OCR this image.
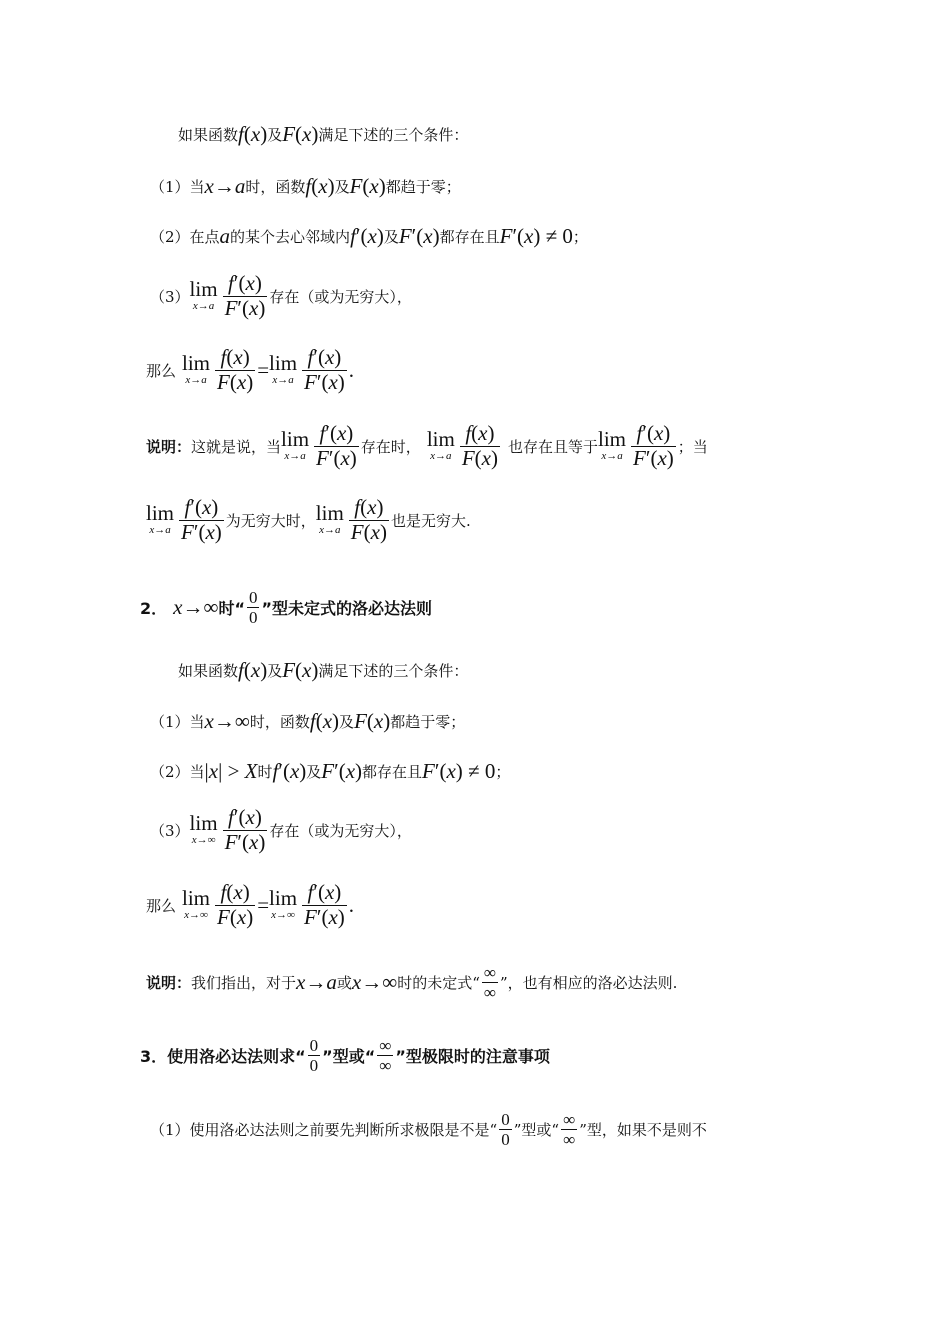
如果函数 f(x) 及 F(x) 满足下述的三个条件：
（1）当 x→a 时，函数 f(x) 及 F(x) 都趋于零；
（2）在点 a 的某个去心邻域内 f′(x) 及 F′(x) 都存在且 F′(x) ≠ 0 ；
（3） lim
$x\to a \frac{f'(x)}{F'(x)}$ 存在（或为无穷大），
那么 lim
$x\to a \frac{f(x)}{F(x)} = \lim$
$x\to a \frac{f'(x)}{F'(x)}$ .
说明： 这就是说，当 lim
$x\to a \frac{f'(x)}{F'(x)}$ 存在时， lim
$x\to a \frac{f(x)}{F(x)}$ 也存在且等于 lim
$x\to a \frac{f'(x)}{F'(x)}$ ；当
lim
$x\to a \frac{f'(x)}{F'(x)}$ 为无穷大时， lim
$x\to a \frac{f(x)}{F(x)}$ 也是无穷大.
2． x→∞ 时“ $\frac{0}{0}$ ”型未定式的洛必达法则
如果函数 f(x) 及 F(x) 满足下述的三个条件：
（1）当 x→∞ 时，函数 f(x) 及 F(x) 都趋于零；
（2）当 |x| > X 时 f′(x) 及 F′(x) 都存在且 F′(x) ≠ 0 ；
（3） lim
$x\to\infty \frac{f'(x)}{F'(x)}$ 存在（或为无穷大），
那么 lim
$x\to\infty \frac{f(x)}{F(x)} = \lim$
$x\to\infty \frac{f'(x)}{F'(x)}$ .
说明： 我们指出，对于 x→a 或 x→∞ 时的未定式“ $\frac{\infty}{\infty}$ ”，也有相应的洛必达法则.
3． 使用洛必达法则求“ $\frac{0}{0}$ ”型或“ $\frac{\infty}{\infty}$ ”型极限时的注意事项
（1） 使用洛必达法则之前要先判断所求极限是不是“ $\frac{0}{0}$ ”型或“ $\frac{\infty}{\infty}$ ”型，如果不是则不
